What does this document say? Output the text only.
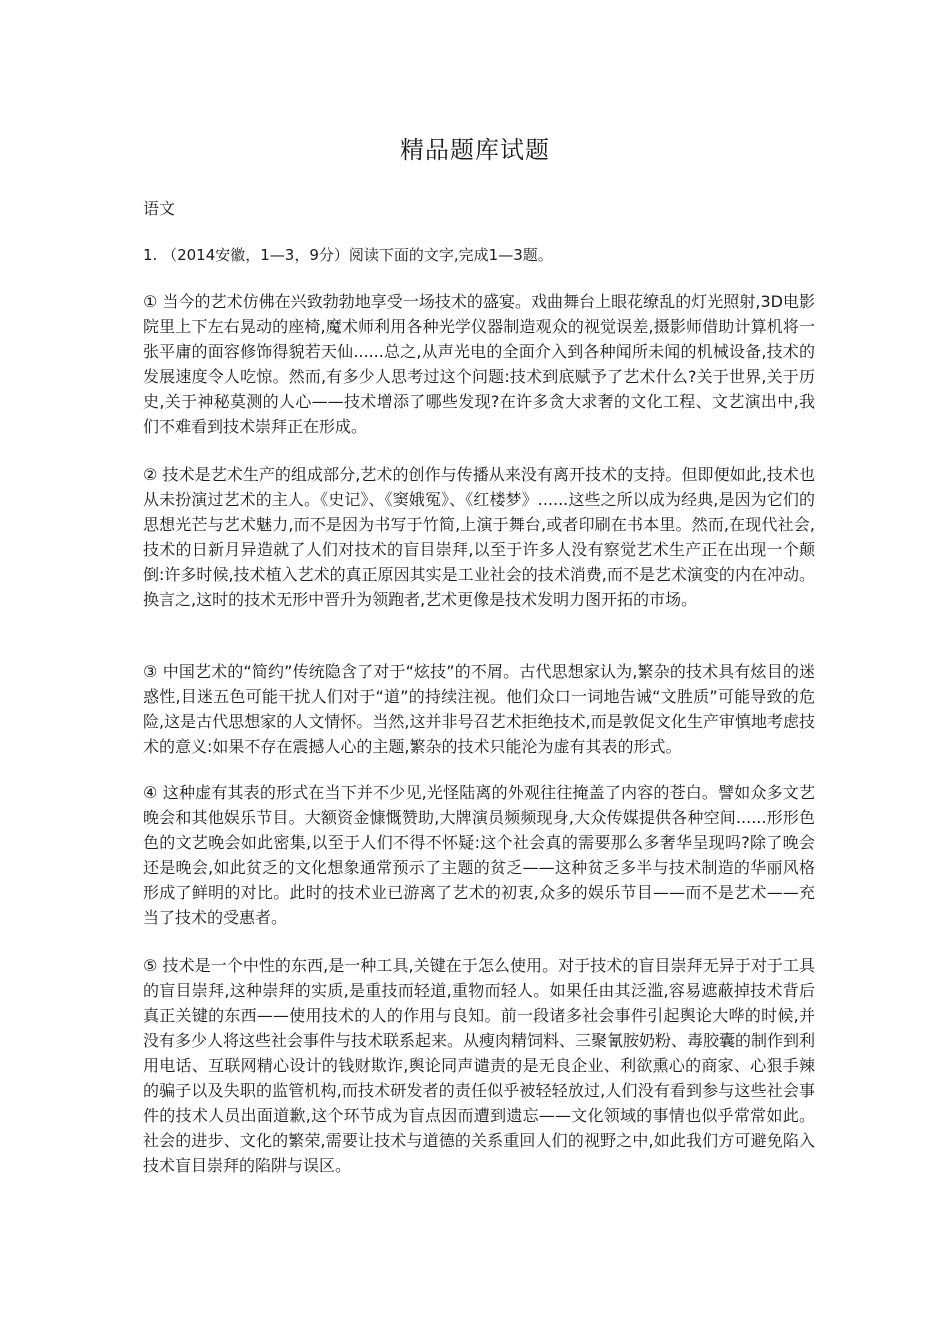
精品题库试题
语文
1. （2014安徽，1—3，9分）阅读下面的文字,完成1—3题。
① 当今的艺术仿佛在兴致勃勃地享受一场技术的盛宴。戏曲舞台上眼花缭乱的灯光照射,3D电影院里上下左右晃动的座椅,魔术师利用各种光学仪器制造观众的视觉误差,摄影师借助计算机将一张平庸的面容修饰得貌若天仙......总之,从声光电的全面介入到各种闻所未闻的机械设备,技术的发展速度令人吃惊。然而,有多少人思考过这个问题:技术到底赋予了艺术什么?关于世界,关于历史,关于神秘莫测的人心——技术增添了哪些发现?在许多贪大求奢的文化工程、文艺演出中,我们不难看到技术崇拜正在形成。
② 技术是艺术生产的组成部分,艺术的创作与传播从来没有离开技术的支持。但即便如此,技术也从未扮演过艺术的主人。《史记》、《窦娥冤》、《红楼梦》......这些之所以成为经典,是因为它们的思想光芒与艺术魅力,而不是因为书写于竹简,上演于舞台,或者印刷在书本里。然而,在现代社会,技术的日新月异造就了人们对技术的盲目崇拜,以至于许多人没有察觉艺术生产正在出现一个颠倒:许多时候,技术植入艺术的真正原因其实是工业社会的技术消费,而不是艺术演变的内在冲动。换言之,这时的技术无形中晋升为领跑者,艺术更像是技术发明力图开拓的市场。
③ 中国艺术的“简约”传统隐含了对于“炫技”的不屑。古代思想家认为,繁杂的技术具有炫目的迷惑性,目迷五色可能干扰人们对于“道”的持续注视。他们众口一词地告诫“文胜质”可能导致的危险,这是古代思想家的人文情怀。当然,这并非号召艺术拒绝技术,而是敦促文化生产审慎地考虑技术的意义:如果不存在震撼人心的主题,繁杂的技术只能沦为虚有其表的形式。
④ 这种虚有其表的形式在当下并不少见,光怪陆离的外观往往掩盖了内容的苍白。譬如众多文艺晚会和其他娱乐节目。大额资金慷慨赞助,大牌演员频频现身,大众传媒提供各种空间......形形色色的文艺晚会如此密集,以至于人们不得不怀疑:这个社会真的需要那么多奢华呈现吗?除了晚会还是晚会,如此贫乏的文化想象通常预示了主题的贫乏——这种贫乏多半与技术制造的华丽风格形成了鲜明的对比。此时的技术业已游离了艺术的初衷,众多的娱乐节目——而不是艺术——充当了技术的受惠者。
⑤ 技术是一个中性的东西,是一种工具,关键在于怎么使用。对于技术的盲目崇拜无异于对于工具的盲目崇拜,这种崇拜的实质,是重技而轻道,重物而轻人。如果任由其泛滥,容易遮蔽掉技术背后真正关键的东西——使用技术的人的作用与良知。前一段诸多社会事件引起舆论大哗的时候,并没有多少人将这些社会事件与技术联系起来。从瘦肉精饲料、三聚氰胺奶粉、毒胶囊的制作到利用电话、互联网精心设计的钱财欺诈,舆论同声谴责的是无良企业、利欲熏心的商家、心狠手辣的骗子以及失职的监管机构,而技术研发者的责任似乎被轻轻放过,人们没有看到参与这些社会事件的技术人员出面道歉,这个环节成为盲点因而遭到遗忘——文化领域的事情也似乎常常如此。社会的进步、文化的繁荣,需要让技术与道德的关系重回人们的视野之中,如此我们方可避免陷入技术盲目崇拜的陷阱与误区。
